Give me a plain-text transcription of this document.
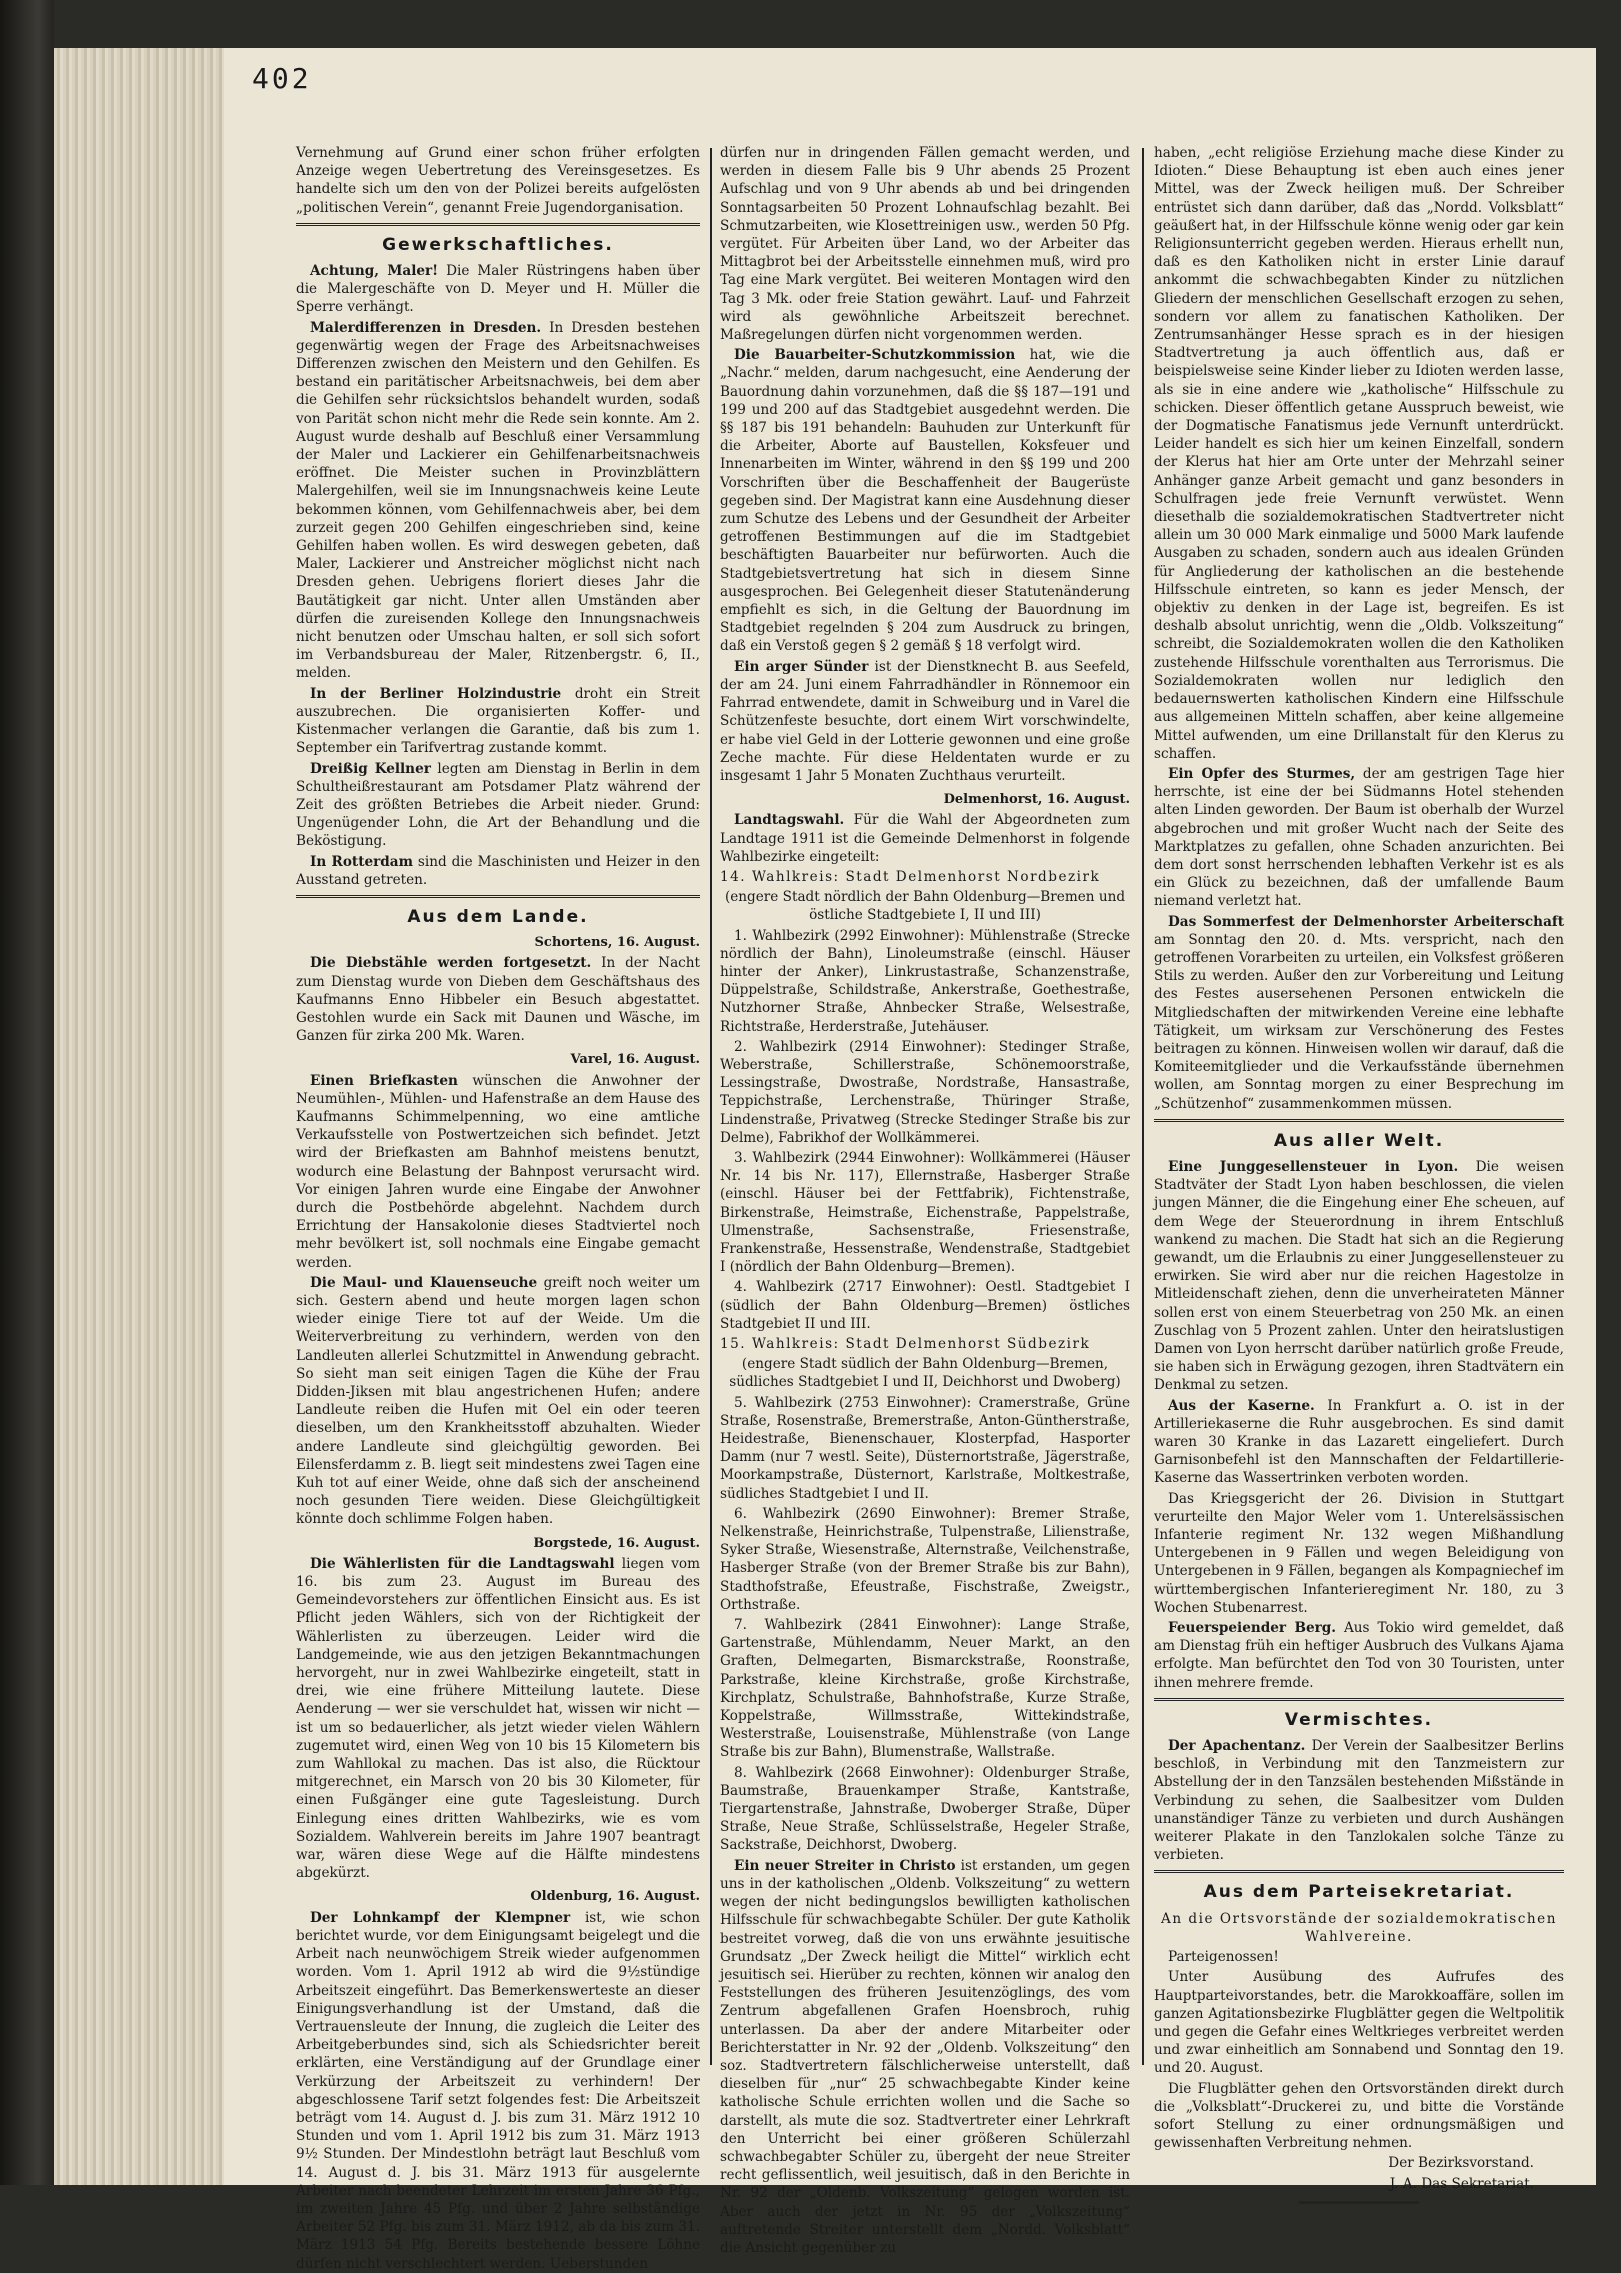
402

Vernehmung auf Grund einer schon früher erfolgten Anzeige wegen Uebertretung des Vereinsgesetzes. Es handelte sich um den von der Polizei bereits aufgelösten „politischen Verein“, genannt Freie Jugendorganisation.

Gewerkschaftliches.

Achtung, Maler! Die Maler Rüstringens haben über die Malergeschäfte von D. Meyer und H. Müller die Sperre verhängt.

Malerdifferenzen in Dresden. In Dresden bestehen gegenwärtig wegen der Frage des Arbeitsnachweises Differenzen zwischen den Meistern und den Gehilfen. Es bestand ein paritätischer Arbeitsnachweis, bei dem aber die Gehilfen sehr rücksichtslos behandelt wurden, sodaß von Parität schon nicht mehr die Rede sein konnte. Am 2. August wurde deshalb auf Beschluß einer Versammlung der Maler und Lackierer ein Gehilfenarbeitsnachweis eröffnet. Die Meister suchen in Provinzblättern Malergehilfen, weil sie im Innungsnachweis keine Leute bekommen können, vom Gehilfennachweis aber, bei dem zurzeit gegen 200 Gehilfen eingeschrieben sind, keine Gehilfen haben wollen. Es wird deswegen gebeten, daß Maler, Lackierer und Anstreicher möglichst nicht nach Dresden gehen. Uebrigens floriert dieses Jahr die Bautätigkeit gar nicht. Unter allen Umständen aber dürfen die zureisenden Kollege den Innungsnachweis nicht benutzen oder Umschau halten, er soll sich sofort im Verbandsbureau der Maler, Ritzenbergstr. 6, II., melden.

In der Berliner Holzindustrie droht ein Streit auszubrechen. Die organisierten Koffer- und Kistenmacher verlangen die Garantie, daß bis zum 1. September ein Tarifvertrag zustande kommt.

Dreißig Kellner legten am Dienstag in Berlin in dem Schultheißrestaurant am Potsdamer Platz während der Zeit des größten Betriebes die Arbeit nieder. Grund: Ungenügender Lohn, die Art der Behandlung und die Beköstigung.

In Rotterdam sind die Maschinisten und Heizer in den Ausstand getreten.

Aus dem Lande.
Schortens, 16. August.

Die Diebstähle werden fortgesetzt. In der Nacht zum Dienstag wurde von Dieben dem Geschäftshaus des Kaufmanns Enno Hibbeler ein Besuch abgestattet. Gestohlen wurde ein Sack mit Daunen und Wäsche, im Ganzen für zirka 200 Mk. Waren.

Varel, 16. August.

Einen Briefkasten wünschen die Anwohner der Neumühlen-, Mühlen- und Hafenstraße an dem Hause des Kaufmanns Schimmelpenning, wo eine amtliche Verkaufsstelle von Postwertzeichen sich befindet. Jetzt wird der Briefkasten am Bahnhof meistens benutzt, wodurch eine Belastung der Bahnpost verursacht wird. Vor einigen Jahren wurde eine Eingabe der Anwohner durch die Postbehörde abgelehnt. Nachdem durch Errichtung der Hansakolonie dieses Stadtviertel noch mehr bevölkert ist, soll nochmals eine Eingabe gemacht werden.

Die Maul- und Klauenseuche greift noch weiter um sich. Gestern abend und heute morgen lagen schon wieder einige Tiere tot auf der Weide. Um die Weiterverbreitung zu verhindern, werden von den Landleuten allerlei Schutzmittel in Anwendung gebracht. So sieht man seit einigen Tagen die Kühe der Frau Didden-Jiksen mit blau angestrichenen Hufen; andere Landleute reiben die Hufen mit Oel ein oder teeren dieselben, um den Krankheitsstoff abzuhalten. Wieder andere Landleute sind gleichgültig geworden. Bei Eilensferdamm z. B. liegt seit mindestens zwei Tagen eine Kuh tot auf einer Weide, ohne daß sich der anscheinend noch gesunden Tiere weiden. Diese Gleichgültigkeit könnte doch schlimme Folgen haben.

Borgstede, 16. August.

Die Wählerlisten für die Landtagswahl liegen vom 16. bis zum 23. August im Bureau des Gemeindevorstehers zur öffentlichen Einsicht aus. Es ist Pflicht jeden Wählers, sich von der Richtigkeit der Wählerlisten zu überzeugen. Leider wird die Landgemeinde, wie aus den jetzigen Bekanntmachungen hervorgeht, nur in zwei Wahlbezirke eingeteilt, statt in drei, wie eine frühere Mitteilung lautete. Diese Aenderung — wer sie verschuldet hat, wissen wir nicht — ist um so bedauerlicher, als jetzt wieder vielen Wählern zugemutet wird, einen Weg von 10 bis 15 Kilometern bis zum Wahllokal zu machen. Das ist also, die Rücktour mitgerechnet, ein Marsch von 20 bis 30 Kilometer, für einen Fußgänger eine gute Tagesleistung. Durch Einlegung eines dritten Wahlbezirks, wie es vom Sozialdem. Wahlverein bereits im Jahre 1907 beantragt war, wären diese Wege auf die Hälfte mindestens abgekürzt.

Oldenburg, 16. August.

Der Lohnkampf der Klempner ist, wie schon berichtet wurde, vor dem Einigungsamt beigelegt und die Arbeit nach neunwöchigem Streik wieder aufgenommen worden. Vom 1. April 1912 ab wird die 9½stündige Arbeitszeit eingeführt. Das Bemerkenswerteste an dieser Einigungsverhandlung ist der Umstand, daß die Vertrauensleute der Innung, die zugleich die Leiter des Arbeitgeberbundes sind, sich als Schiedsrichter bereit erklärten, eine Verständigung auf der Grundlage einer Verkürzung der Arbeitszeit zu verhindern! Der abgeschlossene Tarif setzt folgendes fest: Die Arbeitszeit beträgt vom 14. August d. J. bis zum 31. März 1912 10 Stunden und vom 1. April 1912 bis zum 31. März 1913 9½ Stunden. Der Mindestlohn beträgt laut Beschluß vom 14. August d. J. bis 31. März 1913 für ausgelernte Arbeiter nach beendeter Lehrzeit im ersten Jahre 36 Pfg., im zweiten Jahre 45 Pfg. und über 2 Jahre selbständige Arbeiter 52 Pfg. bis zum 31. März 1912, ab da bis zum 31. März 1913 54 Pfg. Bereits bestehende bessere Löhne dürfen nicht verschlechtert werden. Ueberstunden

dürfen nur in dringenden Fällen gemacht werden, und werden in diesem Falle bis 9 Uhr abends 25 Prozent Aufschlag und von 9 Uhr abends ab und bei dringenden Sonntagsarbeiten 50 Prozent Lohnaufschlag bezahlt. Bei Schmutzarbeiten, wie Klosettreinigen usw., werden 50 Pfg. vergütet. Für Arbeiten über Land, wo der Arbeiter das Mittagbrot bei der Arbeitsstelle einnehmen muß, wird pro Tag eine Mark vergütet. Bei weiteren Montagen wird den Tag 3 Mk. oder freie Station gewährt. Lauf- und Fahrzeit wird als gewöhnliche Arbeitszeit berechnet. Maßregelungen dürfen nicht vorgenommen werden.

Die Bauarbeiter-Schutzkommission hat, wie die „Nachr.“ melden, darum nachgesucht, eine Aenderung der Bauordnung dahin vorzunehmen, daß die §§ 187—191 und 199 und 200 auf das Stadtgebiet ausgedehnt werden. Die §§ 187 bis 191 behandeln: Bauhuden zur Unterkunft für die Arbeiter, Aborte auf Baustellen, Koksfeuer und Innenarbeiten im Winter, während in den §§ 199 und 200 Vorschriften über die Beschaffenheit der Baugerüste gegeben sind. Der Magistrat kann eine Ausdehnung dieser zum Schutze des Lebens und der Gesundheit der Arbeiter getroffenen Bestimmungen auf die im Stadtgebiet beschäftigten Bauarbeiter nur befürworten. Auch die Stadtgebietsvertretung hat sich in diesem Sinne ausgesprochen. Bei Gelegenheit dieser Statutenänderung empfiehlt es sich, in die Geltung der Bauordnung im Stadtgebiet regelnden § 204 zum Ausdruck zu bringen, daß ein Verstoß gegen § 2 gemäß § 18 verfolgt wird.

Ein arger Sünder ist der Dienstknecht B. aus Seefeld, der am 24. Juni einem Fahrradhändler in Rönnemoor ein Fahrrad entwendete, damit in Schweiburg und in Varel die Schützenfeste besuchte, dort einem Wirt vorschwindelte, er habe viel Geld in der Lotterie gewonnen und eine große Zeche machte. Für diese Heldentaten wurde er zu insgesamt 1 Jahr 5 Monaten Zuchthaus verurteilt.

Delmenhorst, 16. August.

Landtagswahl. Für die Wahl der Abgeordneten zum Landtage 1911 ist die Gemeinde Delmenhorst in folgende Wahlbezirke eingeteilt:

14. Wahlkreis: Stadt Delmenhorst Nordbezirk

(engere Stadt nördlich der Bahn Oldenburg—Bremen und östliche Stadtgebiete I, II und III)

1. Wahlbezirk (2992 Einwohner): Mühlenstraße (Strecke nördlich der Bahn), Linoleumstraße (einschl. Häuser hinter der Anker), Linkrustastraße, Schanzenstraße, Düppelstraße, Schildstraße, Ankerstraße, Goethestraße, Nutzhorner Straße, Ahnbecker Straße, Welsestraße, Richtstraße, Herderstraße, Jutehäuser.

2. Wahlbezirk (2914 Einwohner): Stedinger Straße, Weberstraße, Schillerstraße, Schönemoorstraße, Lessingstraße, Dwostraße, Nordstraße, Hansastraße, Teppichstraße, Lerchenstraße, Thüringer Straße, Lindenstraße, Privatweg (Strecke Stedinger Straße bis zur Delme), Fabrikhof der Wollkämmerei.

3. Wahlbezirk (2944 Einwohner): Wollkämmerei (Häuser Nr. 14 bis Nr. 117), Ellernstraße, Hasberger Straße (einschl. Häuser bei der Fettfabrik), Fichtenstraße, Birkenstraße, Heimstraße, Eichenstraße, Pappelstraße, Ulmenstraße, Sachsenstraße, Friesenstraße, Frankenstraße, Hessenstraße, Wendenstraße, Stadtgebiet I (nördlich der Bahn Oldenburg—Bremen).

4. Wahlbezirk (2717 Einwohner): Oestl. Stadtgebiet I (südlich der Bahn Oldenburg—Bremen) östliches Stadtgebiet II und III.

15. Wahlkreis: Stadt Delmenhorst Südbezirk

(engere Stadt südlich der Bahn Oldenburg—Bremen, südliches Stadtgebiet I und II, Deichhorst und Dwoberg)

5. Wahlbezirk (2753 Einwohner): Cramerstraße, Grüne Straße, Rosenstraße, Bremerstraße, Anton-Güntherstraße, Heidestraße, Bienenschauer, Klosterpfad, Hasporter Damm (nur 7 westl. Seite), Düsternortstraße, Jägerstraße, Moorkampstraße, Düsternort, Karlstraße, Moltkestraße, südliches Stadtgebiet I und II.

6. Wahlbezirk (2690 Einwohner): Bremer Straße, Nelkenstraße, Heinrichstraße, Tulpenstraße, Lilienstraße, Syker Straße, Wiesenstraße, Alternstraße, Veilchenstraße, Hasberger Straße (von der Bremer Straße bis zur Bahn), Stadthofstraße, Efeustraße, Fischstraße, Zweigstr., Orthstraße.

7. Wahlbezirk (2841 Einwohner): Lange Straße, Gartenstraße, Mühlendamm, Neuer Markt, an den Graften, Delmegarten, Bismarckstraße, Roonstraße, Parkstraße, kleine Kirchstraße, große Kirchstraße, Kirchplatz, Schulstraße, Bahnhofstraße, Kurze Straße, Koppelstraße, Willmsstraße, Wittekindstraße, Westerstraße, Louisenstraße, Mühlenstraße (von Lange Straße bis zur Bahn), Blumenstraße, Wallstraße.

8. Wahlbezirk (2668 Einwohner): Oldenburger Straße, Baumstraße, Brauenkamper Straße, Kantstraße, Tiergartenstraße, Jahnstraße, Dwoberger Straße, Düper Straße, Neue Straße, Schlüsselstraße, Hegeler Straße, Sackstraße, Deichhorst, Dwoberg.

Ein neuer Streiter in Christo ist erstanden, um gegen uns in der katholischen „Oldenb. Volkszeitung“ zu wettern wegen der nicht bedingungslos bewilligten katholischen Hilfsschule für schwachbegabte Schüler. Der gute Katholik bestreitet vorweg, daß die von uns erwähnte jesuitische Grundsatz „Der Zweck heiligt die Mittel“ wirklich echt jesuitisch sei. Hierüber zu rechten, können wir analog den Feststellungen des früheren Jesuitenzöglings, des vom Zentrum abgefallenen Grafen Hoensbroch, ruhig unterlassen. Da aber der andere Mitarbeiter oder Berichterstatter in Nr. 92 der „Oldenb. Volkszeitung“ den soz. Stadtvertretern fälschlicherweise unterstellt, daß dieselben für „nur“ 25 schwachbegabte Kinder keine katholische Schule errichten wollen und die Sache so darstellt, als mute die soz. Stadtvertreter einer Lehrkraft den Unterricht bei einer größeren Schülerzahl schwachbegabter Schüler zu, übergeht der neue Streiter recht geflissentlich, weil jesuitisch, daß in den Berichte in Nr. 92 der „Oldenb. Volkszeitung“ gelogen worden ist. Aber auch der jetzt in Nr. 95 der „Volkszeitung“ auftretende Streiter unterstellt dem „Nordd. Volksblatt“ die Ansicht gegenüber zu

haben, „echt religiöse Erziehung mache diese Kinder zu Idioten.“ Diese Behauptung ist eben auch eines jener Mittel, was der Zweck heiligen muß. Der Schreiber entrüstet sich dann darüber, daß das „Nordd. Volksblatt“ geäußert hat, in der Hilfsschule könne wenig oder gar kein Religionsunterricht gegeben werden. Hieraus erhellt nun, daß es den Katholiken nicht in erster Linie darauf ankommt die schwachbegabten Kinder zu nützlichen Gliedern der menschlichen Gesellschaft erzogen zu sehen, sondern vor allem zu fanatischen Katholiken. Der Zentrumsanhänger Hesse sprach es in der hiesigen Stadtvertretung ja auch öffentlich aus, daß er beispielsweise seine Kinder lieber zu Idioten werden lasse, als sie in eine andere wie „katholische“ Hilfsschule zu schicken. Dieser öffentlich getane Ausspruch beweist, wie der Dogmatische Fanatismus jede Vernunft unterdrückt. Leider handelt es sich hier um keinen Einzelfall, sondern der Klerus hat hier am Orte unter der Mehrzahl seiner Anhänger ganze Arbeit gemacht und ganz besonders in Schulfragen jede freie Vernunft verwüstet. Wenn diesethalb die sozialdemokratischen Stadtvertreter nicht allein um 30 000 Mark einmalige und 5000 Mark laufende Ausgaben zu schaden, sondern auch aus idealen Gründen für Angliederung der katholischen an die bestehende Hilfsschule eintreten, so kann es jeder Mensch, der objektiv zu denken in der Lage ist, begreifen. Es ist deshalb absolut unrichtig, wenn die „Oldb. Volkszeitung“ schreibt, die Sozialdemokraten wollen die den Katholiken zustehende Hilfsschule vorenthalten aus Terrorismus. Die Sozialdemokraten wollen nur lediglich den bedauernswerten katholischen Kindern eine Hilfsschule aus allgemeinen Mitteln schaffen, aber keine allgemeine Mittel aufwenden, um eine Drillanstalt für den Klerus zu schaffen.

Ein Opfer des Sturmes, der am gestrigen Tage hier herrschte, ist eine der bei Südmanns Hotel stehenden alten Linden geworden. Der Baum ist oberhalb der Wurzel abgebrochen und mit großer Wucht nach der Seite des Marktplatzes zu gefallen, ohne Schaden anzurichten. Bei dem dort sonst herrschenden lebhaften Verkehr ist es als ein Glück zu bezeichnen, daß der umfallende Baum niemand verletzt hat.

Das Sommerfest der Delmenhorster Arbeiterschaft am Sonntag den 20. d. Mts. verspricht, nach den getroffenen Vorarbeiten zu urteilen, ein Volksfest größeren Stils zu werden. Außer den zur Vorbereitung und Leitung des Festes ausersehenen Personen entwickeln die Mitgliedschaften der mitwirkenden Vereine eine lebhafte Tätigkeit, um wirksam zur Verschönerung des Festes beitragen zu können. Hinweisen wollen wir darauf, daß die Komiteemitglieder und die Verkaufsstände übernehmen wollen, am Sonntag morgen zu einer Besprechung im „Schützenhof“ zusammenkommen müssen.

Aus aller Welt.

Eine Junggesellensteuer in Lyon. Die weisen Stadtväter der Stadt Lyon haben beschlossen, die vielen jungen Männer, die die Eingehung einer Ehe scheuen, auf dem Wege der Steuerordnung in ihrem Entschluß wankend zu machen. Die Stadt hat sich an die Regierung gewandt, um die Erlaubnis zu einer Junggesellensteuer zu erwirken. Sie wird aber nur die reichen Hagestolze in Mitleidenschaft ziehen, denn die unverheirateten Männer sollen erst von einem Steuerbetrag von 250 Mk. an einen Zuschlag von 5 Prozent zahlen. Unter den heiratslustigen Damen von Lyon herrscht darüber natürlich große Freude, sie haben sich in Erwägung gezogen, ihren Stadtvätern ein Denkmal zu setzen.

Aus der Kaserne. In Frankfurt a. O. ist in der Artilleriekaserne die Ruhr ausgebrochen. Es sind damit waren 30 Kranke in das Lazarett eingeliefert. Durch Garnisonbefehl ist den Mannschaften der Feldartillerie-Kaserne das Wassertrinken verboten worden.

Das Kriegsgericht der 26. Division in Stuttgart verurteilte den Major Weler vom 1. Unterelsässischen Infanterie regiment Nr. 132 wegen Mißhandlung Untergebenen in 9 Fällen und wegen Beleidigung von Untergebenen in 9 Fällen, begangen als Kompagniechef im württembergischen Infanterieregiment Nr. 180, zu 3 Wochen Stubenarrest.

Feuerspeiender Berg. Aus Tokio wird gemeldet, daß am Dienstag früh ein heftiger Ausbruch des Vulkans Ajama erfolgte. Man befürchtet den Tod von 30 Touristen, unter ihnen mehrere fremde.

Vermischtes.

Der Apachentanz. Der Verein der Saalbesitzer Berlins beschloß, in Verbindung mit den Tanzmeistern zur Abstellung der in den Tanzsälen bestehenden Mißstände in Verbindung zu sehen, die Saalbesitzer vom Dulden unanständiger Tänze zu verbieten und durch Aushängen weiterer Plakate in den Tanzlokalen solche Tänze zu verbieten.

Aus dem Parteisekretariat.

An die Ortsvorstände der sozialdemokratischen Wahlvereine.

Parteigenossen!

Unter Ausübung des Aufrufes des Hauptparteivorstandes, betr. die Marokkoaffäre, sollen im ganzen Agitationsbezirke Flugblätter gegen die Weltpolitik und gegen die Gefahr eines Weltkrieges verbreitet werden und zwar einheitlich am Sonnabend und Sonntag den 19. und 20. August.

Die Flugblätter gehen den Ortsvorständen direkt durch die „Volksblatt“-Druckerei zu, und bitte die Vorstände sofort Stellung zu einer ordnungsmäßigen und gewissenhaften Verbreitung nehmen.

Der Bezirksvorstand.

J. A. Das Sekretariat.
